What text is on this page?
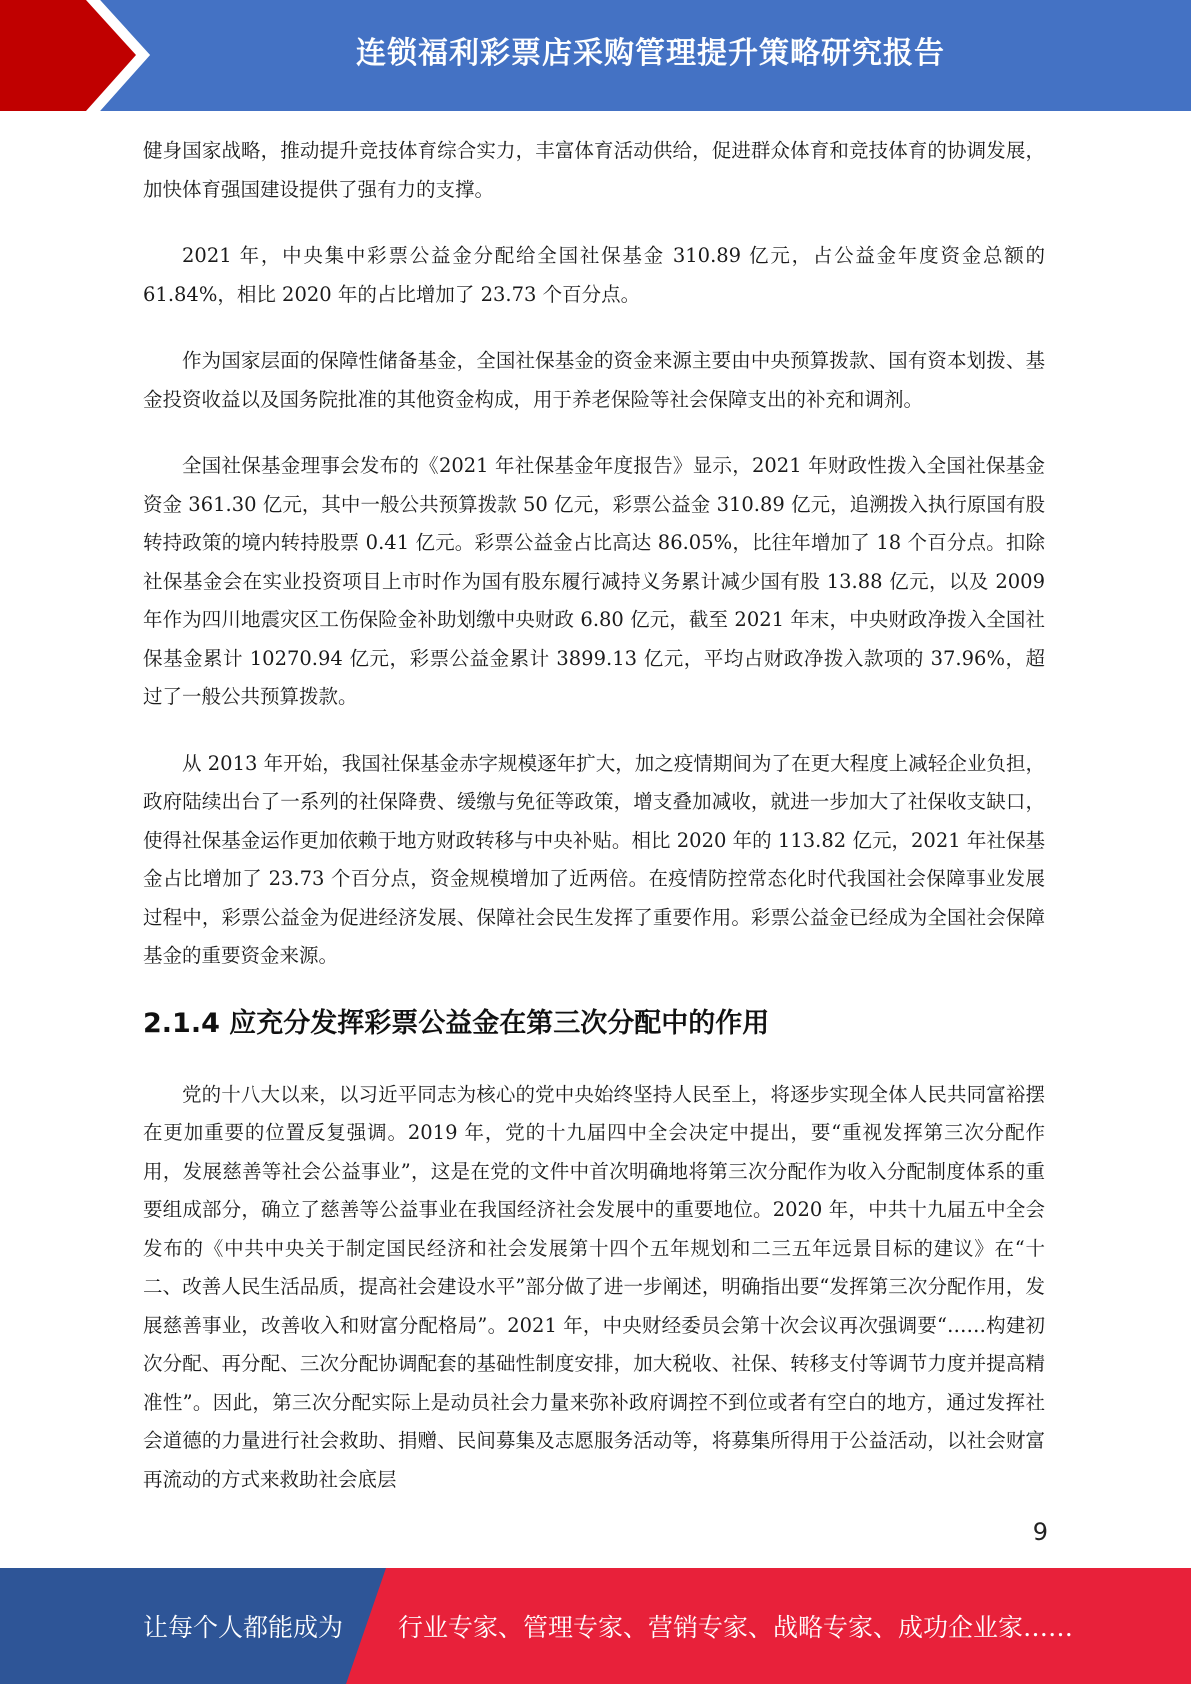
连锁福利彩票店采购管理提升策略研究报告

健身国家战略，推动提升竞技体育综合实力，丰富体育活动供给，促进群众体育和竞技体育的协调发展，加快体育强国建设提供了强有力的支撑。

2021 年，中央集中彩票公益金分配给全国社保基金 310.89 亿元，占公益金年度资金总额的 61.84%，相比 2020 年的占比增加了 23.73 个百分点。

作为国家层面的保障性储备基金，全国社保基金的资金来源主要由中央预算拨款、国有资本划拨、基金投资收益以及国务院批准的其他资金构成，用于养老保险等社会保障支出的补充和调剂。

全国社保基金理事会发布的《2021 年社保基金年度报告》显示，2021 年财政性拨入全国社保基金资金 361.30 亿元，其中一般公共预算拨款 50 亿元，彩票公益金 310.89 亿元，追溯拨入执行原国有股转持政策的境内转持股票 0.41 亿元。彩票公益金占比高达 86.05%，比往年增加了 18 个百分点。扣除社保基金会在实业投资项目上市时作为国有股东履行减持义务累计减少国有股 13.88 亿元，以及 2009 年作为四川地震灾区工伤保险金补助划缴中央财政 6.80 亿元，截至 2021 年末，中央财政净拨入全国社保基金累计 10270.94 亿元，彩票公益金累计 3899.13 亿元，平均占财政净拨入款项的 37.96%，超过了一般公共预算拨款。

从 2013 年开始，我国社保基金赤字规模逐年扩大，加之疫情期间为了在更大程度上减轻企业负担，政府陆续出台了一系列的社保降费、缓缴与免征等政策，增支叠加减收，就进一步加大了社保收支缺口，使得社保基金运作更加依赖于地方财政转移与中央补贴。相比 2020 年的 113.82 亿元，2021 年社保基金占比增加了 23.73 个百分点，资金规模增加了近两倍。在疫情防控常态化时代我国社会保障事业发展过程中，彩票公益金为促进经济发展、保障社会民生发挥了重要作用。彩票公益金已经成为全国社会保障基金的重要资金来源。

2.1.4 应充分发挥彩票公益金在第三次分配中的作用

党的十八大以来，以习近平同志为核心的党中央始终坚持人民至上，将逐步实现全体人民共同富裕摆在更加重要的位置反复强调。2019 年，党的十九届四中全会决定中提出，要“重视发挥第三次分配作用，发展慈善等社会公益事业”，这是在党的文件中首次明确地将第三次分配作为收入分配制度体系的重要组成部分，确立了慈善等公益事业在我国经济社会发展中的重要地位。2020 年，中共十九届五中全会发布的《中共中央关于制定国民经济和社会发展第十四个五年规划和二三五年远景目标的建议》在“十二、改善人民生活品质，提高社会建设水平”部分做了进一步阐述，明确指出要“发挥第三次分配作用，发展慈善事业，改善收入和财富分配格局”。2021 年，中央财经委员会第十次会议再次强调要“……构建初次分配、再分配、三次分配协调配套的基础性制度安排，加大税收、社保、转移支付等调节力度并提高精准性”。因此，第三次分配实际上是动员社会力量来弥补政府调控不到位或者有空白的地方，通过发挥社会道德的力量进行社会救助、捐赠、民间募集及志愿服务活动等，将募集所得用于公益活动，以社会财富再流动的方式来救助社会底层

9
让每个人都能成为 行业专家、管理专家、营销专家、战略专家、成功企业家……
